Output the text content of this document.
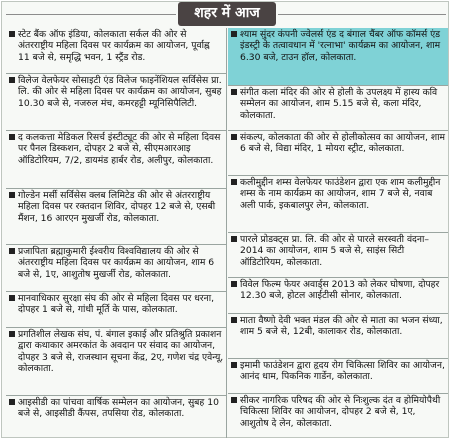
शहर में आज
स्टेट बैंक ऑफ इंडिया, कोलकाता सर्कल की ओर से अंतरराष्ट्रीय महिला दिवस पर कार्यक्रम का आयोजन, पूर्वाह्न 11 बजे से, समृद्धि भवन, 1 स्ट्रैंड रोड.
विलेज वेलफेयर सोसाइटी एंड विलेज फाइनेंशियल सर्विसेस प्रा. लि. की ओर से महिला दिवस पर कार्यक्रम का आयोजन, सुबह 10.30 बजे से, नजरुल मंच, कमरहट्टी म्यूनिसिपैलिटी.
द कलकत्ता मेडिकल रिसर्च इंस्टीट्यूट की ओर से महिला दिवस पर पैनल डिस्कशन, दोपहर 2 बजे से, सीएमआरआइ ऑडिटोरियम, 7/2, डायमंड हार्बर रोड, अलीपुर, कोलकाता.
गोल्डेन मर्सी सर्विसेस क्लब लिमिटेड की ओर से अंतरराष्ट्रीय महिला दिवस पर रक्तदान शिविर, दोपहर 12 बजे से, एसबी मैंशन, 16 आरएन मुखर्जी रोड, कोलकाता.
प्रजापिता ब्रह्माकुमारी ईश्वरीय विश्वविद्यालय की ओर से अंतरराष्ट्रीय महिला दिवस पर कार्यक्रम का आयोजन, शाम 6 बजे से, 1ए, आशुतोष मुखर्जी रोड, कोलकाता.
मानवाधिकार सुरक्षा संघ की ओर से महिला दिवस पर धरना, दोपहर 1 बजे से, गांधी मूर्ति के पास, कोलकाता.
प्रगतिशील लेखक संघ, पं. बंगाल इकाई और प्रतिश्रुति प्रकाशन द्वारा कथाकार अमरकांत के अवदान पर संवाद का आयोजन, दोपहर 3 बजे से, राजस्थान सूचना केंद्र, 2ए, गणेश चंद्र एवेन्यू, कोलकाता.
आइसीडी का पांचवा वार्षिक सम्मेलन का आयोजन, सुबह 10 बजे से, आइसीडी कैंपस, तपसिया रोड, कोलकाता.
श्याम सुंदर कंपनी ज्वेलर्स एंड द बंगाल चैंबर ऑफ कॉमर्स एंड इंडस्ट्री के तत्वावधान में 'रत्नाभा' कार्यक्रम का आयोजन, शाम 6.30 बजे, टाउन हॉल, कोलकाता.
संगीत कला मंदिर की ओर से होली के उपलक्ष्य में हास्य कवि सम्मेलन का आयोजन, शाम 5.15 बजे से, कला मंदिर, कोलकाता.
संकल्प, कोलकाता की ओर से होलीकोत्सव का आयोजन, शाम 6 बजे से, विद्या मंदिर, 1 मोयरा स्ट्रीट, कोलकाता.
कलीमुद्दीन शम्स वेलफेयर फाउंडेशन द्वारा एक शाम कलीमुद्दीन शम्स के नाम कार्यक्रम का आयोजन, शाम 7 बजे से, नवाब अली पार्क, इकबालपुर लेन, कोलकाता.
पारले प्रोडक्ट्स प्रा. लि. की ओर से पारले सरस्वती वंदना–2014 का आयोजन, शाम 5 बजे से, साइंस सिटी ऑडिटोरियम, कोलकाता.
विवेल फिल्म फेयर अवार्ड्स 2013 को लेकर घोषणा, दोपहर 12.30 बजे, होटल आईटीसी सोनार, कोलकाता.
माता वैष्णो देवी भक्त मंडल की ओर से माता का भजन संध्या, शाम 5 बजे से, 12बी, कालाकर रोड, कोलकाता.
इमामी फाउंडेशन द्वारा हृदय रोग चिकित्सा शिविर का आयोजन, आनंद धाम, पिकनिक गार्डेन, कोलकाता.
सीकर नागरिक परिषद की ओर से निःशुल्क दंत व होमियोपैथी चिकित्सा शिविर का आयोजन, दोपहर 2 बजे से, 1ए, आशुतोष दे लेन, कोलकाता.
